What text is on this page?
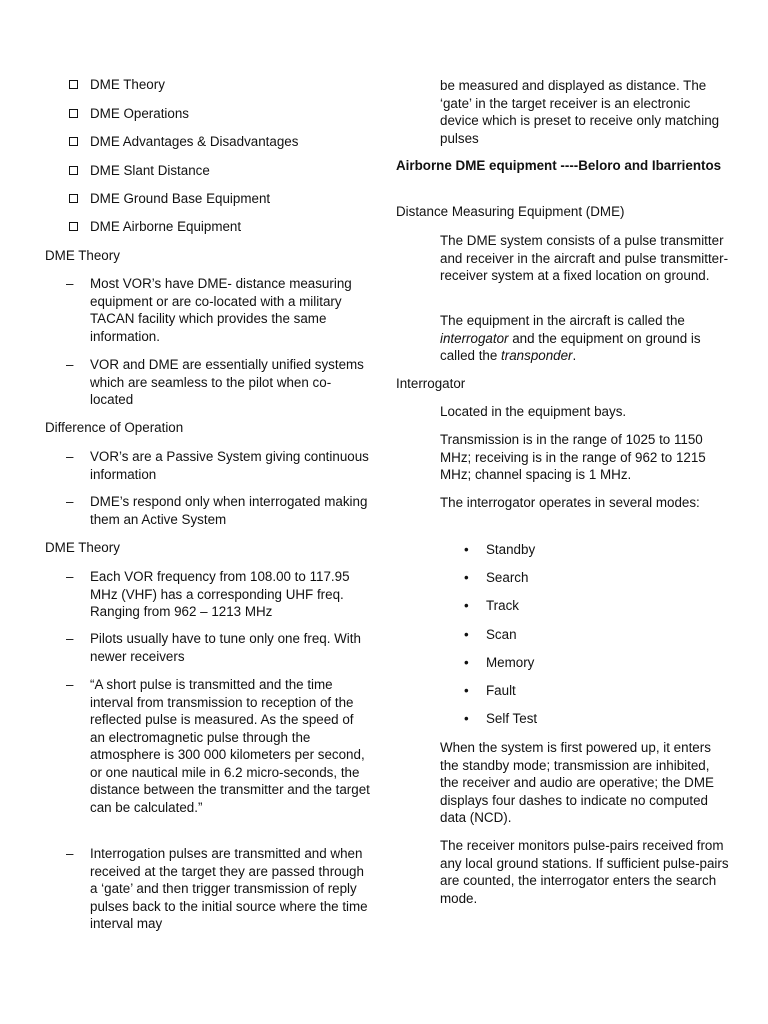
DME Theory
DME Operations
DME Advantages & Disadvantages
DME Slant Distance
DME Ground Base Equipment
DME Airborne Equipment
DME Theory
– Most VOR’s have DME- distance measuring equipment or are co-located with a military TACAN facility which provides the same information.
– VOR and DME are essentially unified systems which are seamless to the pilot when co-located
Difference of Operation
– VOR’s are a Passive System giving continuous information
– DME’s respond only when interrogated making them an Active System
DME Theory
– Each VOR frequency from 108.00 to 117.95 MHz (VHF) has a corresponding UHF freq. Ranging from 962 – 1213 MHz
– Pilots usually have to tune only one freq. With newer receivers
– “A short pulse is transmitted and the time interval from transmission to reception of the reflected pulse is measured. As the speed of an electromagnetic pulse through the atmosphere is 300 000 kilometers per second, or one nautical mile in 6.2 micro-seconds, the distance between the transmitter and the target can be calculated.”
– Interrogation pulses are transmitted and when received at the target they are passed through a ‘gate’ and then trigger transmission of reply pulses back to the initial source where the time interval may
be measured and displayed as distance. The ‘gate’ in the target receiver is an electronic device which is preset to receive only matching pulses
Airborne DME equipment ----Beloro and Ibarrientos
Distance Measuring Equipment (DME)
The DME system consists of a pulse transmitter and receiver in the aircraft and pulse transmitter-receiver system at a fixed location on ground.
The equipment in the aircraft is called the interrogator and the equipment on ground is called the transponder.
Interrogator
Located in the equipment bays.
Transmission is in the range of 1025 to 1150 MHz; receiving is in the range of 962 to 1215 MHz; channel spacing is 1 MHz.
The interrogator operates in several modes:
• Standby
• Search
• Track
• Scan
• Memory
• Fault
• Self Test
When the system is first powered up, it enters the standby mode; transmission are inhibited, the receiver and audio are operative; the DME displays four dashes to indicate no computed data (NCD).
The receiver monitors pulse-pairs received from any local ground stations. If sufficient pulse-pairs are counted, the interrogator enters the search mode.
